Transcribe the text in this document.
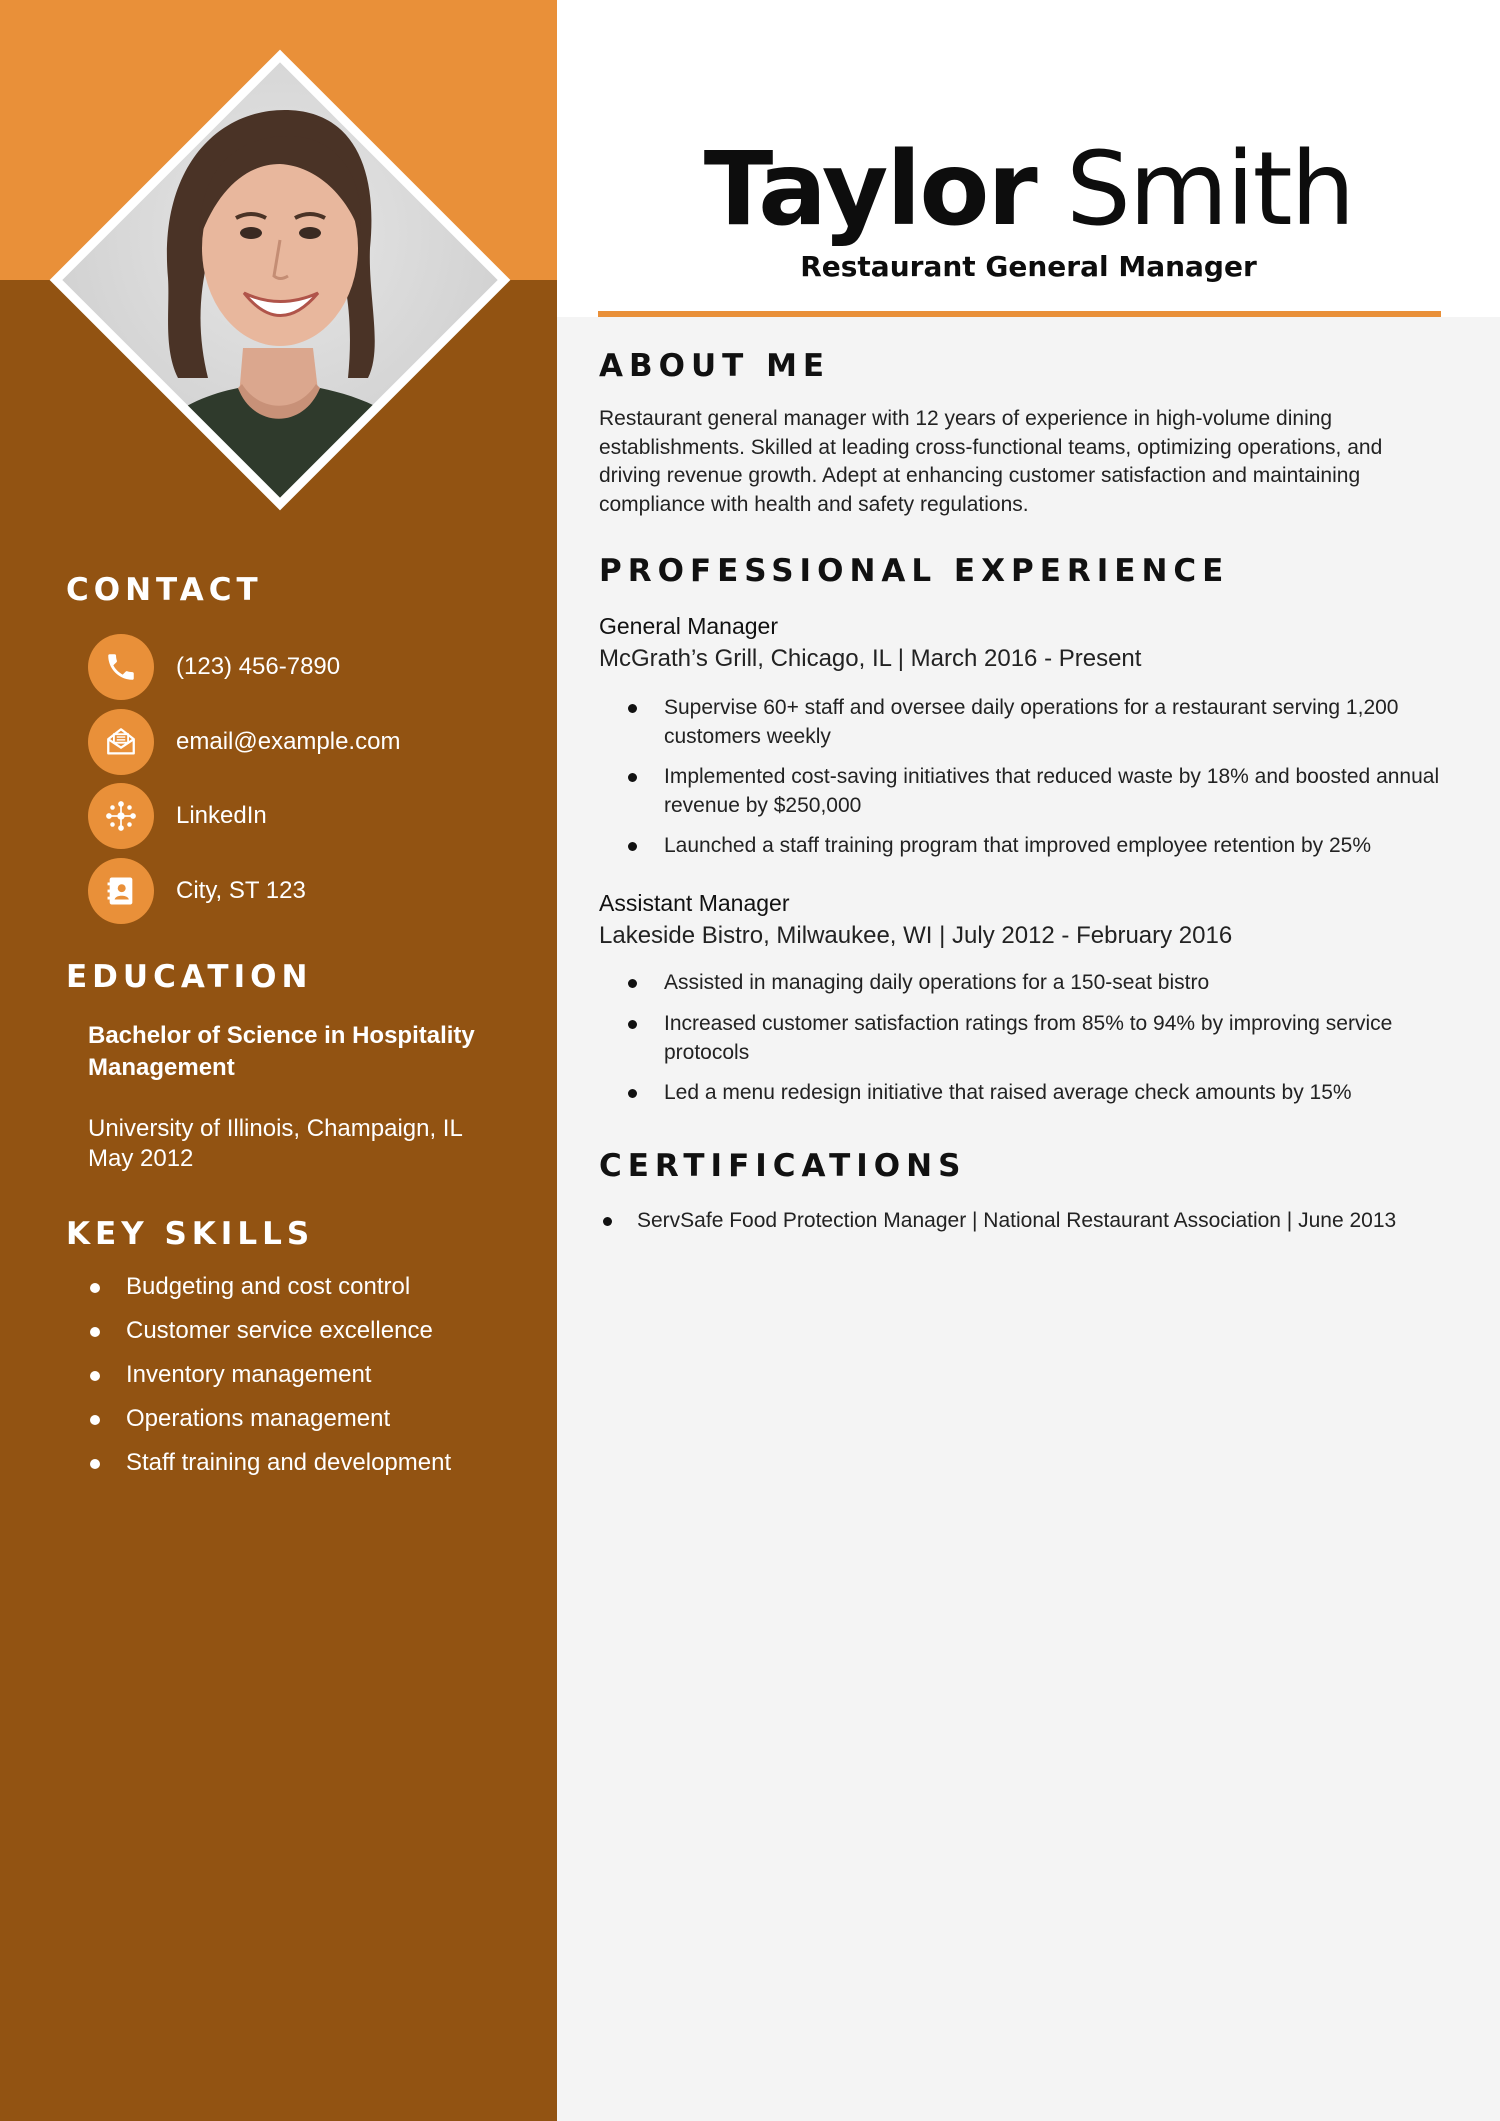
CONTACT
(123) 456-7890
email@example.com
LinkedIn
City, ST 123
EDUCATION
Bachelor of Science in Hospitality Management
University of Illinois, Champaign, IL
May 2012
KEY SKILLS
Budgeting and cost control
Customer service excellence
Inventory management
Operations management
Staff training and development
Taylor Smith
Restaurant General Manager
ABOUT ME

Restaurant general manager with 12 years of experience in high-volume dining establishments. Skilled at leading cross-functional teams, optimizing operations, and driving revenue growth. Adept at enhancing customer satisfaction and maintaining compliance with health and safety regulations.

PROFESSIONAL EXPERIENCE
General Manager
McGrath’s Grill, Chicago, IL | March 2016 - Present
Supervise 60+ staff and oversee daily operations for a restaurant serving 1,200 customers weekly
Implemented cost-saving initiatives that reduced waste by 18% and boosted annual revenue by $250,000
Launched a staff training program that improved employee retention by 25%
Assistant Manager
Lakeside Bistro, Milwaukee, WI | July 2012 - February 2016
Assisted in managing daily operations for a 150-seat bistro
Increased customer satisfaction ratings from 85% to 94% by improving service protocols
Led a menu redesign initiative that raised average check amounts by 15%
CERTIFICATIONS
ServSafe Food Protection Manager | National Restaurant Association | June 2013
